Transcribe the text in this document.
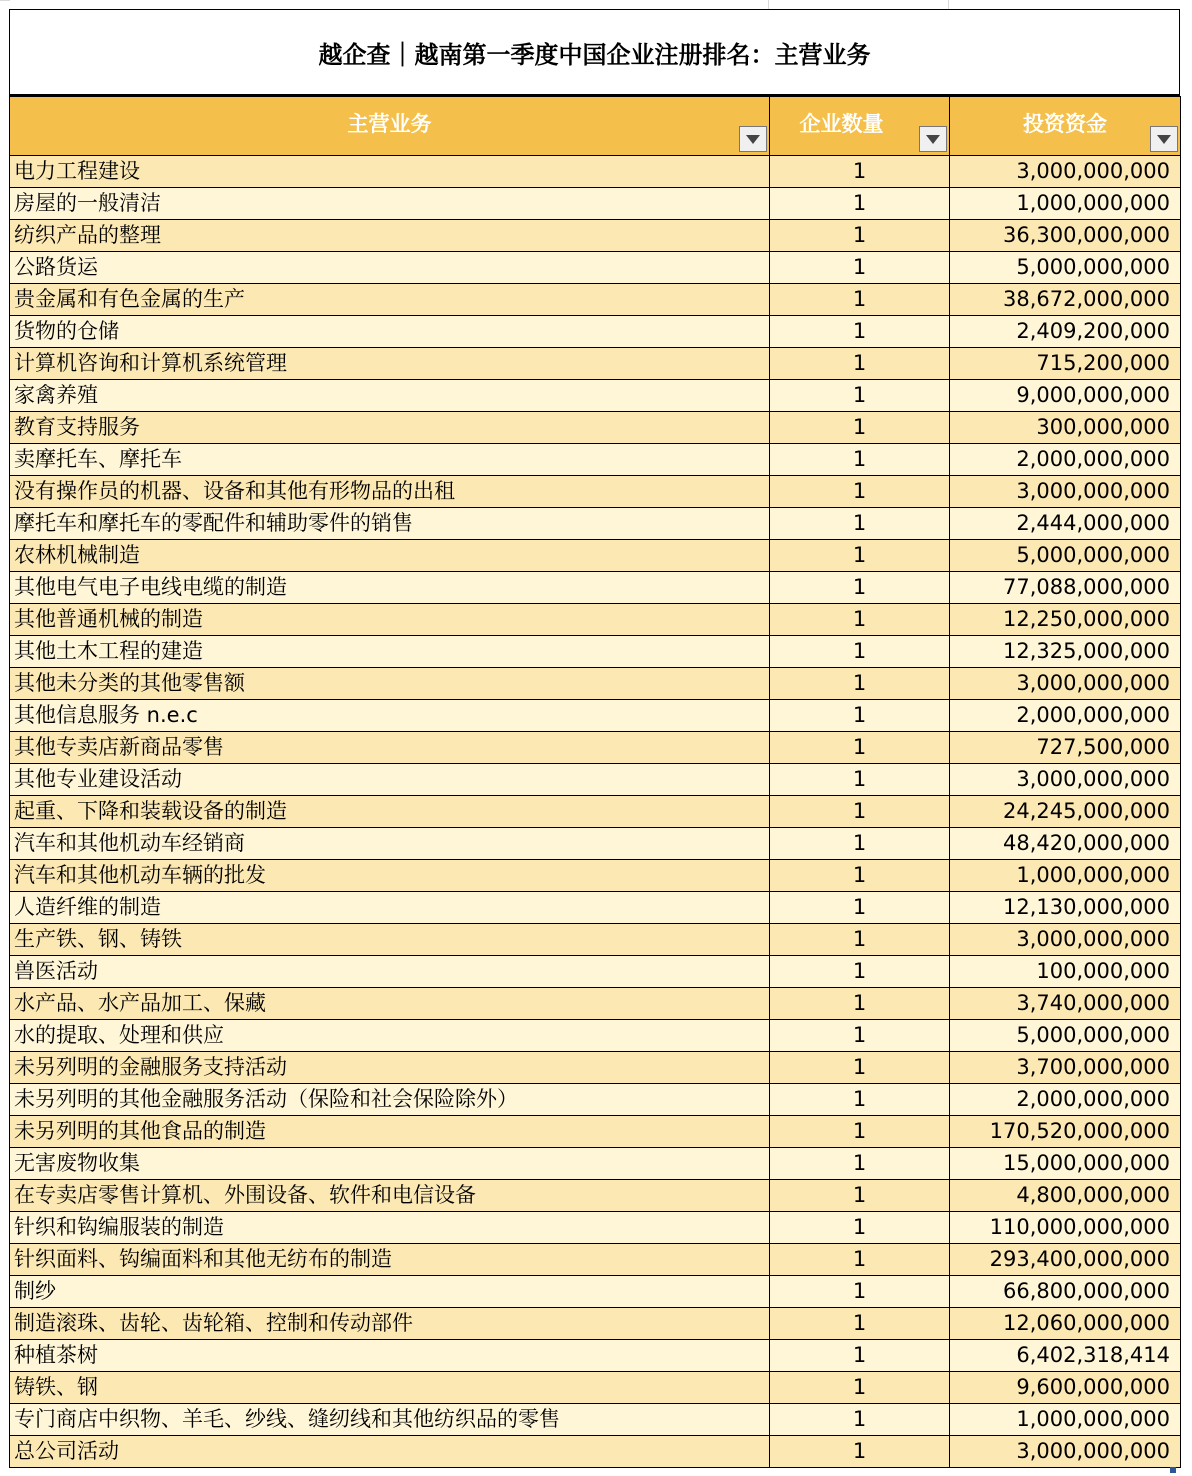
越企查｜越南第一季度中国企业注册排名：主营业务
主营业务	企业数量	投资资金

电力工程建设	1	3,000,000,000
房屋的一般清洁	1	1,000,000,000
纺织产品的整理	1	36,300,000,000
公路货运	1	5,000,000,000
贵金属和有色金属的生产	1	38,672,000,000
货物的仓储	1	2,409,200,000
计算机咨询和计算机系统管理	1	715,200,000
家禽养殖	1	9,000,000,000
教育支持服务	1	300,000,000
卖摩托车、摩托车	1	2,000,000,000
没有操作员的机器、设备和其他有形物品的出租	1	3,000,000,000
摩托车和摩托车的零配件和辅助零件的销售	1	2,444,000,000
农林机械制造	1	5,000,000,000
其他电气电子电线电缆的制造	1	77,088,000,000
其他普通机械的制造	1	12,250,000,000
其他土木工程的建造	1	12,325,000,000
其他未分类的其他零售额	1	3,000,000,000
其他信息服务 n.e.c	1	2,000,000,000
其他专卖店新商品零售	1	727,500,000
其他专业建设活动	1	3,000,000,000
起重、下降和装载设备的制造	1	24,245,000,000
汽车和其他机动车经销商	1	48,420,000,000
汽车和其他机动车辆的批发	1	1,000,000,000
人造纤维的制造	1	12,130,000,000
生产铁、钢、铸铁	1	3,000,000,000
兽医活动	1	100,000,000
水产品、水产品加工、保藏	1	3,740,000,000
水的提取、处理和供应	1	5,000,000,000
未另列明的金融服务支持活动	1	3,700,000,000
未另列明的其他金融服务活动（保险和社会保险除外）	1	2,000,000,000
未另列明的其他食品的制造	1	170,520,000,000
无害废物收集	1	15,000,000,000
在专卖店零售计算机、外围设备、软件和电信设备	1	4,800,000,000
针织和钩编服装的制造	1	110,000,000,000
针织面料、钩编面料和其他无纺布的制造	1	293,400,000,000
制纱	1	66,800,000,000
制造滚珠、齿轮、齿轮箱、控制和传动部件	1	12,060,000,000
种植茶树	1	6,402,318,414
铸铁、钢	1	9,600,000,000
专门商店中织物、羊毛、纱线、缝纫线和其他纺织品的零售	1	1,000,000,000
总公司活动	1	3,000,000,000
